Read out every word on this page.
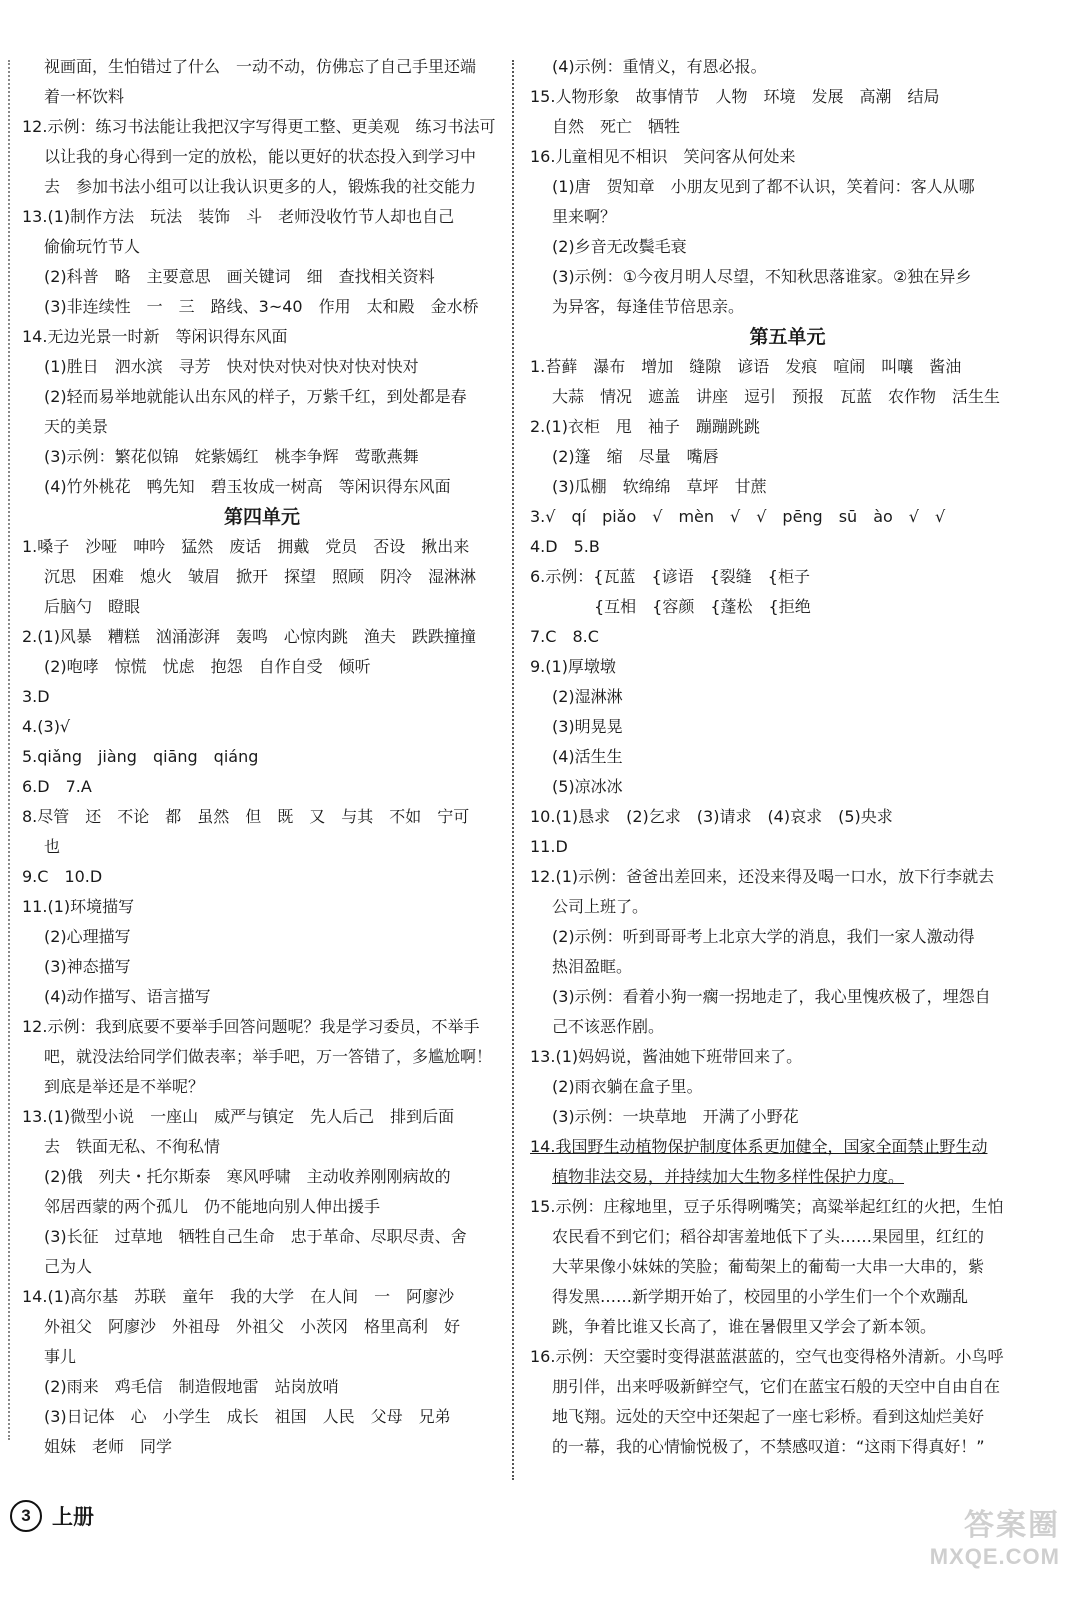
视画面，生怕错过了什么　一动不动，仿佛忘了自己手里还端
着一杯饮料
12.示例：练习书法能让我把汉字写得更工整、更美观　练习书法可
以让我的身心得到一定的放松，能以更好的状态投入到学习中
去　参加书法小组可以让我认识更多的人，锻炼我的社交能力
13.(1)制作方法　玩法　装饰　斗　老师没收竹节人却也自己
偷偷玩竹节人
(2)科普　略　主要意思　画关键词　细　查找相关资料
(3)非连续性　一　三　路线、3~40　作用　太和殿　金水桥
14.无边光景一时新　等闲识得东风面
(1)胜日　泗水滨　寻芳　快对快对快对快对快对快对
(2)轻而易举地就能认出东风的样子，万紫千红，到处都是春
天的美景
(3)示例：繁花似锦　姹紫嫣红　桃李争辉　莺歌燕舞
(4)竹外桃花　鸭先知　碧玉妆成一树高　等闲识得东风面
第四单元
1.嗓子　沙哑　呻吟　猛然　废话　拥戴　党员　否设　揪出来
沉思　困难　熄火　皱眉　掀开　探望　照顾　阴冷　湿淋淋
后脑勺　瞪眼
2.(1)风暴　糟糕　汹涌澎湃　轰鸣　心惊肉跳　渔夫　跌跌撞撞
(2)咆哮　惊慌　忧虑　抱怨　自作自受　倾听
3.D
4.(3)√
5.qiǎng　jiàng　qiāng　qiáng
6.D　7.A
8.尽管　还　不论　都　虽然　但　既　又　与其　不如　宁可
也
9.C　10.D
11.(1)环境描写
(2)心理描写
(3)神态描写
(4)动作描写、语言描写
12.示例：我到底要不要举手回答问题呢？我是学习委员，不举手
吧，就没法给同学们做表率；举手吧，万一答错了，多尴尬啊！
到底是举还是不举呢？
13.(1)微型小说　一座山　威严与镇定　先人后己　排到后面
去　铁面无私、不徇私情
(2)俄　列夫・托尔斯泰　寒风呼啸　主动收养刚刚病故的
邻居西蒙的两个孤儿　仍不能地向别人伸出援手
(3)长征　过草地　牺牲自己生命　忠于革命、尽职尽责、舍
己为人
14.(1)高尔基　苏联　童年　我的大学　在人间　一　阿廖沙
外祖父　阿廖沙　外祖母　外祖父　小茨冈　格里高利　好
事儿
(2)雨来　鸡毛信　制造假地雷　站岗放哨
(3)日记体　心　小学生　成长　祖国　人民　父母　兄弟
姐妹　老师　同学
(4)示例：重情义，有恩必报。
15.人物形象　故事情节　人物　环境　发展　高潮　结局
自然　死亡　牺牲
16.儿童相见不相识　笑问客从何处来
(1)唐　贺知章　小朋友见到了都不认识，笑着问：客人从哪
里来啊？
(2)乡音无改鬓毛衰
(3)示例：①今夜月明人尽望，不知秋思落谁家。②独在异乡
为异客，每逢佳节倍思亲。
第五单元
1.苔藓　瀑布　增加　缝隙　谚语　发痕　喧闹　叫嚷　酱油
大蒜　情况　遮盖　讲座　逗引　预报　瓦蓝　农作物　活生生
2.(1)衣柜　甩　袖子　蹦蹦跳跳
(2)篷　缩　尽量　嘴唇
(3)瓜棚　软绵绵　草坪　甘蔗
3.√　qí　piǎo　√　mèn　√　√　pēng　sū　ào　√　√
4.D　5.B
6.示例：{瓦蓝　{谚语　{裂缝　{柜子
　　　　{互相　{容颜　{蓬松　{拒绝
7.C　8.C
9.(1)厚墩墩
(2)湿淋淋
(3)明晃晃
(4)活生生
(5)凉冰冰
10.(1)恳求　(2)乞求　(3)请求　(4)哀求　(5)央求
11.D
12.(1)示例：爸爸出差回来，还没来得及喝一口水，放下行李就去
公司上班了。
(2)示例：听到哥哥考上北京大学的消息，我们一家人激动得
热泪盈眶。
(3)示例：看着小狗一瘸一拐地走了，我心里愧疚极了，埋怨自
己不该恶作剧。
13.(1)妈妈说，酱油她下班带回来了。
(2)雨衣躺在盒子里。
(3)示例：一块草地　开满了小野花
14.我国野生动植物保护制度体系更加健全，国家全面禁止野生动
植物非法交易，并持续加大生物多样性保护力度。
15.示例：庄稼地里，豆子乐得咧嘴笑；高粱举起红红的火把，生怕
农民看不到它们；稻谷却害羞地低下了头……果园里，红红的
大苹果像小妹妹的笑脸；葡萄架上的葡萄一大串一大串的，紫
得发黑……新学期开始了，校园里的小学生们一个个欢蹦乱
跳，争着比谁又长高了，谁在暑假里又学会了新本领。
16.示例：天空霎时变得湛蓝湛蓝的，空气也变得格外清新。小鸟呼
朋引伴，出来呼吸新鲜空气，它们在蓝宝石般的天空中自由自在
地飞翔。远处的天空中还架起了一座七彩桥。看到这灿烂美好
的一幕，我的心情愉悦极了，不禁感叹道：“这雨下得真好！”
3	上册	答案圈
MXQE.COM
